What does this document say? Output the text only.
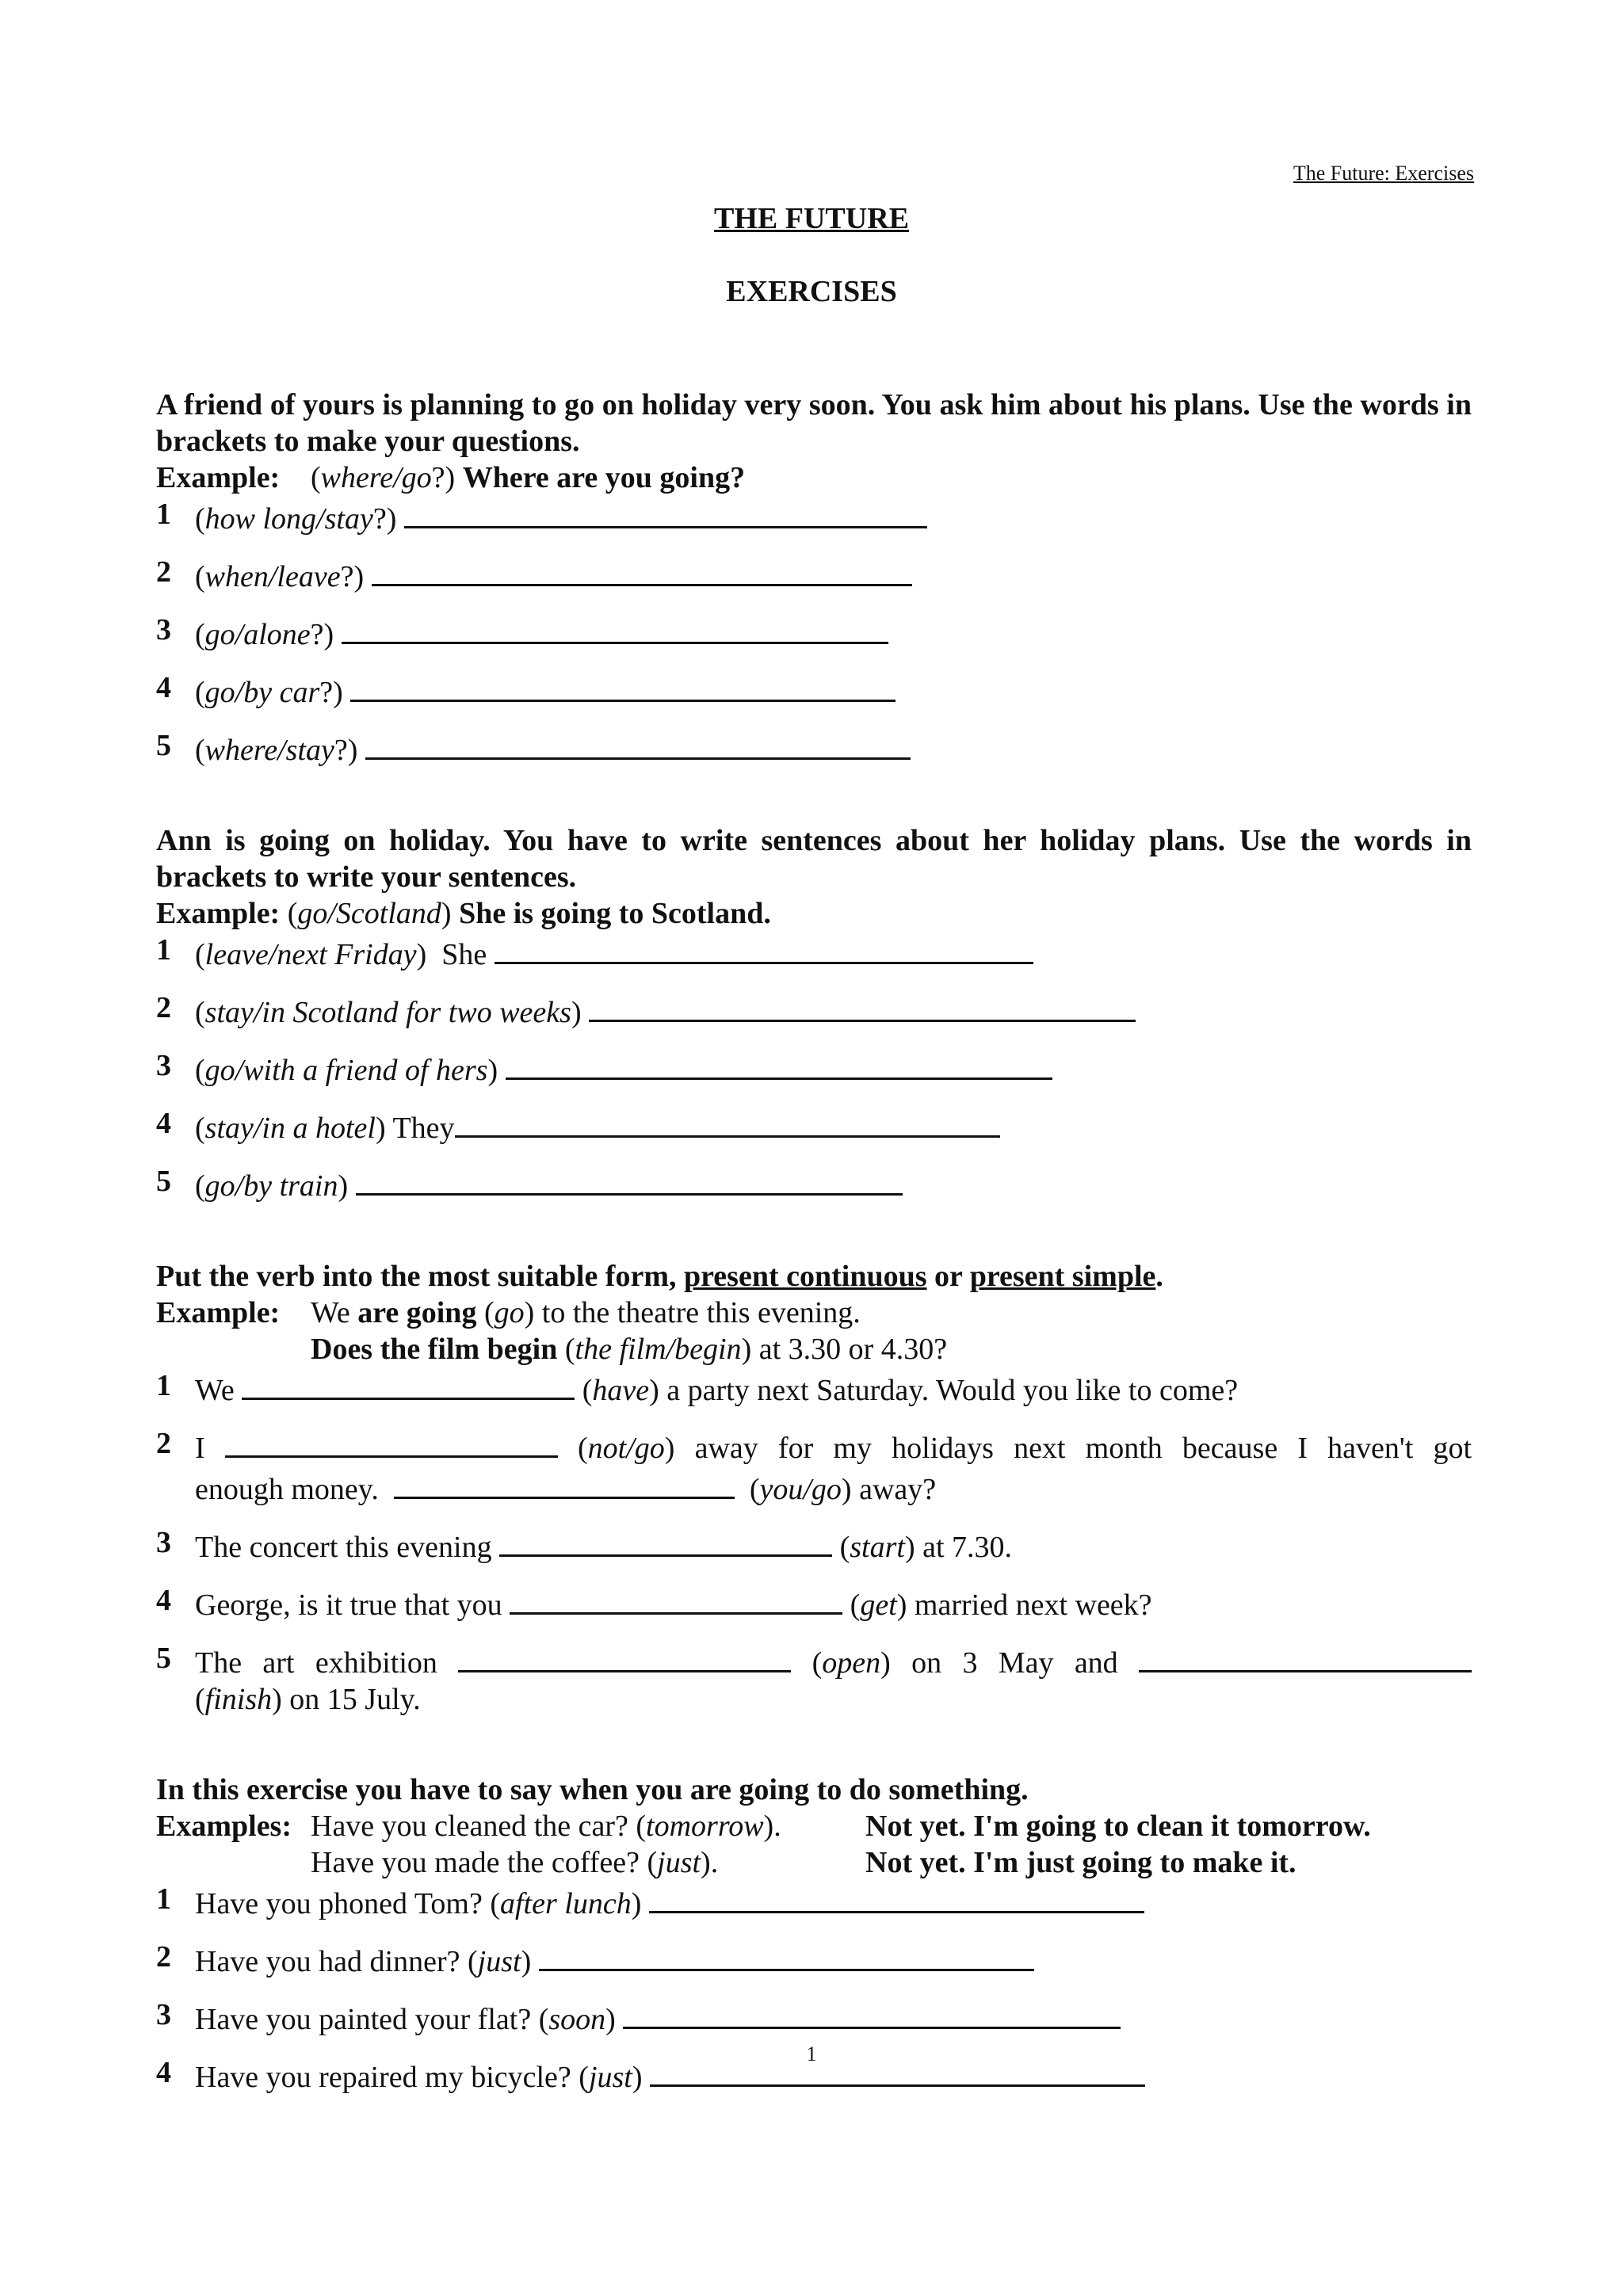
The Future: Exercises
THE FUTURE
EXERCISES

A friend of yours is planning to go on holiday very soon. You ask him about his plans. Use the words in brackets to make your questions.

Example:	(where/go?) Where are you going?
1 (how long/stay?)
2 (when/leave?)
3 (go/alone?)
4 (go/by car?)
5 (where/stay?)

Ann is going on holiday. You have to write sentences about her holiday plans. Use the words in brackets to write your sentences.

Example: (go/Scotland) She is going to Scotland.
1 (leave/next Friday)  She
2 (stay/in Scotland for two weeks)
3 (go/with a friend of hers)
4 (stay/in a hotel) They
5 (go/by train)

Put the verb into the most suitable form, present continuous or present simple.

Example:	We are going (go) to the theatre this evening.
Does the film begin (the film/begin) at 3.30 or 4.30?
1 We	(have) a party next Saturday. Would you like to come?
2 I	(not/go) away for my holidays next month because I haven't got
enough money.	(you/go) away?
3 The concert this evening	(start) at 7.30.
4 George, is it true that you	(get) married next week?
5 The art exhibition	(open) on 3 May and
(finish) on 15 July.

In this exercise you have to say when you are going to do something.

Examples: Have you cleaned the car? (tomorrow).	Not yet. I'm going to clean it tomorrow.
Have you made the coffee? (just).	Not yet. I'm just going to make it.
1 Have you phoned Tom? (after lunch)
2 Have you had dinner? (just)
3 Have you painted your flat? (soon)
4 Have you repaired my bicycle? (just)
1
